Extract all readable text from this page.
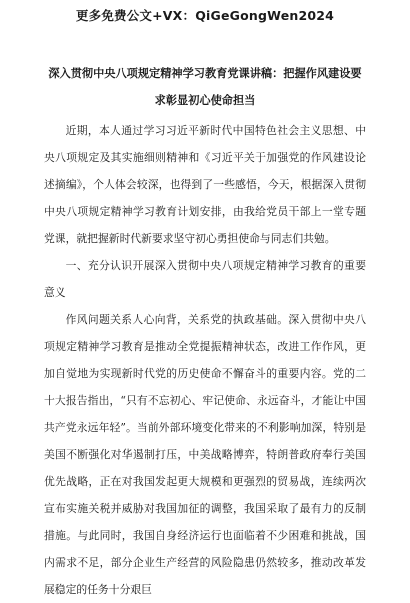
更多免费公文+VX：QiGeGongWen2024
深入贯彻中央八项规定精神学习教育党课讲稿：把握作风建设要求彰显初心使命担当
近期，本人通过学习习近平新时代中国特色社会主义思想、中央八项规定及其实施细则精神和《习近平关于加强党的作风建设论述摘编》，个人体会较深，也得到了一些感悟，今天，根据深入贯彻中央八项规定精神学习教育计划安排，由我给党员干部上一堂专题党课，就把握新时代新要求坚守初心勇担使命与同志们共勉。
一、充分认识开展深入贯彻中央八项规定精神学习教育的重要意义
作风问题关系人心向背，关系党的执政基础。深入贯彻中央八项规定精神学习教育是推动全党提振精神状态，改进工作作风，更加自觉地为实现新时代党的历史使命不懈奋斗的重要内容。党的二十大报告指出，“只有不忘初心、牢记使命、永远奋斗，才能让中国共产党永远年轻”。当前外部环境变化带来的不利影响加深，特别是美国不断强化对华遏制打压，中美战略博弈，特朗普政府奉行美国优先战略，正在对我国发起更大规模和更强烈的贸易战，连续两次宣布实施关税并威胁对我国加征的调整，我国采取了最有力的反制措施。与此同时，我国自身经济运行也面临着不少困难和挑战，国内需求不足，部分企业生产经营的风险隐患仍然较多，推动改革发展稳定的任务十分艰巨
